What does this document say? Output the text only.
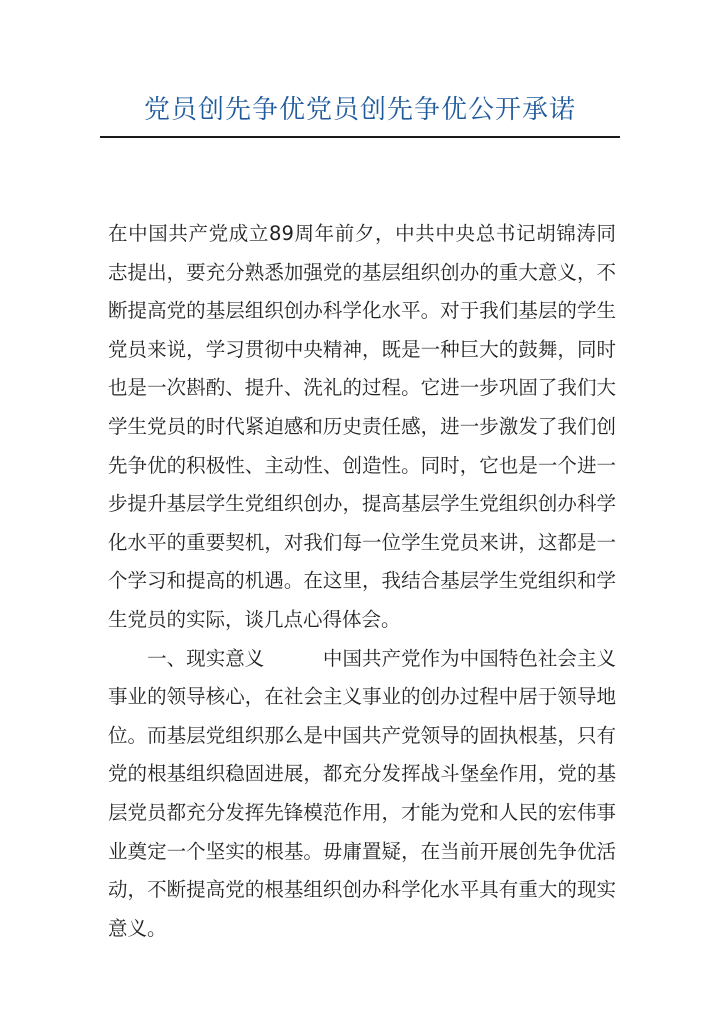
党员创先争优党员创先争优公开承诺

在中国共产党成立89周年前夕，中共中央总书记胡锦涛同志提出，要充分熟悉加强党的基层组织创办的重大意义，不断提高党的基层组织创办科学化水平。对于我们基层的学生党员来说，学习贯彻中央精神，既是一种巨大的鼓舞，同时也是一次斟酌、提升、洗礼的过程。它进一步巩固了我们大学生党员的时代紧迫感和历史责任感，进一步激发了我们创先争优的积极性、主动性、创造性。同时，它也是一个进一步提升基层学生党组织创办，提高基层学生党组织创办科学化水平的重要契机，对我们每一位学生党员来讲，这都是一个学习和提高的机遇。在这里，我结合基层学生党组织和学生党员的实际，谈几点心得体会。

　　一、现实意义　　　中国共产党作为中国特色社会主义事业的领导核心，在社会主义事业的创办过程中居于领导地位。而基层党组织那么是中国共产党领导的固执根基，只有党的根基组织稳固进展，都充分发挥战斗堡垒作用，党的基层党员都充分发挥先锋模范作用，才能为党和人民的宏伟事业奠定一个坚实的根基。毋庸置疑，在当前开展创先争优活动，不断提高党的根基组织创办科学化水平具有重大的现实意义。
